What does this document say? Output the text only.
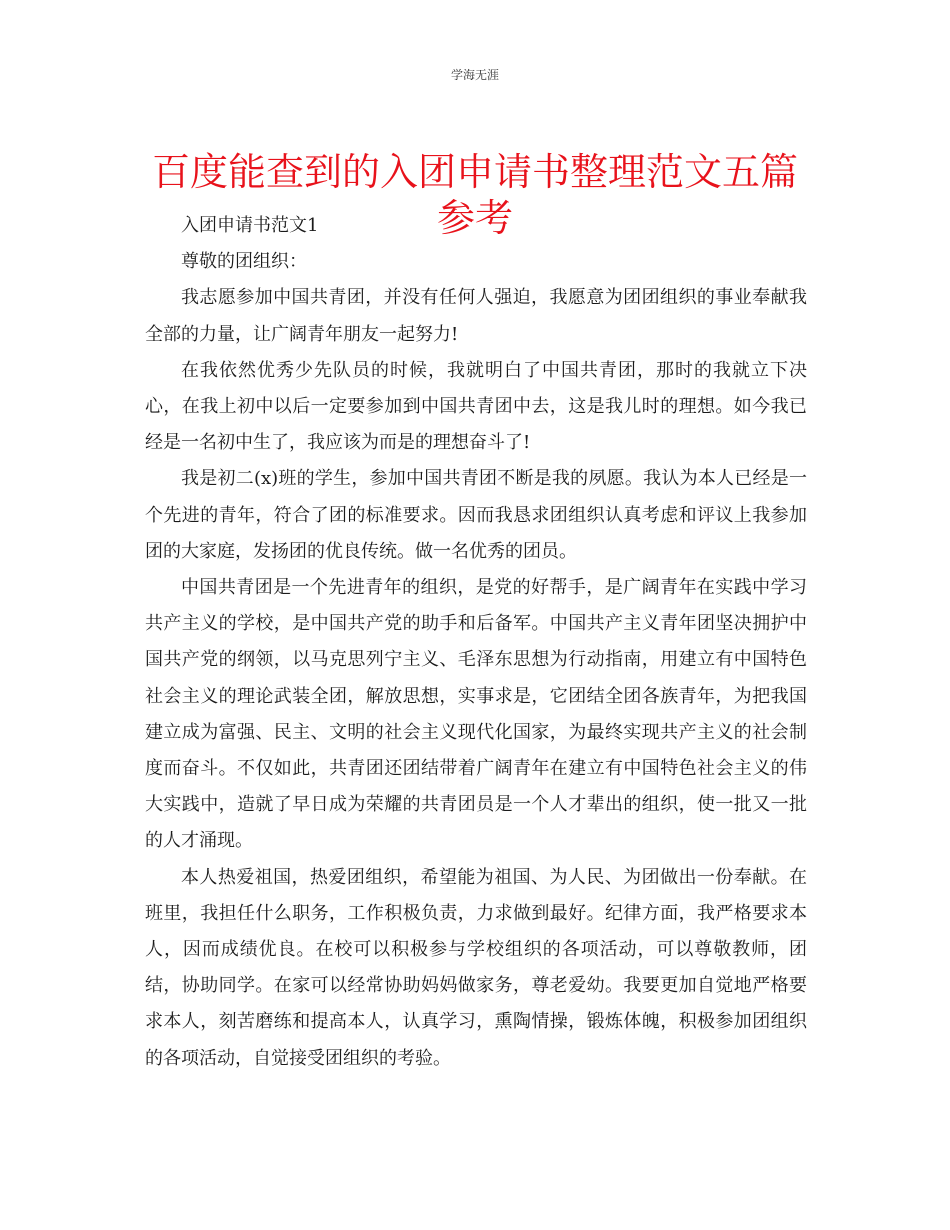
学海无涯
百度能查到的入团申请书整理范文五篇参考

入团申请书范文1

尊敬的团组织：

我志愿参加中国共青团，并没有任何人强迫，我愿意为团团组织的事业奉献我全部的力量，让广阔青年朋友一起努力!

在我依然优秀少先队员的时候，我就明白了中国共青团，那时的我就立下决心，在我上初中以后一定要参加到中国共青团中去，这是我儿时的理想。如今我已经是一名初中生了，我应该为而是的理想奋斗了!

我是初二(x)班的学生，参加中国共青团不断是我的夙愿。我认为本人已经是一个先进的青年，符合了团的标准要求。因而我恳求团组织认真考虑和评议上我参加团的大家庭，发扬团的优良传统。做一名优秀的团员。

中国共青团是一个先进青年的组织，是党的好帮手，是广阔青年在实践中学习共产主义的学校，是中国共产党的助手和后备军。中国共产主义青年团坚决拥护中国共产党的纲领，以马克思列宁主义、毛泽东思想为行动指南，用建立有中国特色社会主义的理论武装全团，解放思想，实事求是，它团结全团各族青年，为把我国建立成为富强、民主、文明的社会主义现代化国家，为最终实现共产主义的社会制度而奋斗。不仅如此，共青团还团结带着广阔青年在建立有中国特色社会主义的伟大实践中，造就了早日成为荣耀的共青团员是一个人才辈出的组织，使一批又一批的人才涌现。

本人热爱祖国，热爱团组织，希望能为祖国、为人民、为团做出一份奉献。在班里，我担任什么职务，工作积极负责，力求做到最好。纪律方面，我严格要求本人，因而成绩优良。在校可以积极参与学校组织的各项活动，可以尊敬教师，团结，协助同学。在家可以经常协助妈妈做家务，尊老爱幼。我要更加自觉地严格要求本人，刻苦磨练和提高本人，认真学习，熏陶情操，锻炼体魄，积极参加团组织的各项活动，自觉接受团组织的考验。
